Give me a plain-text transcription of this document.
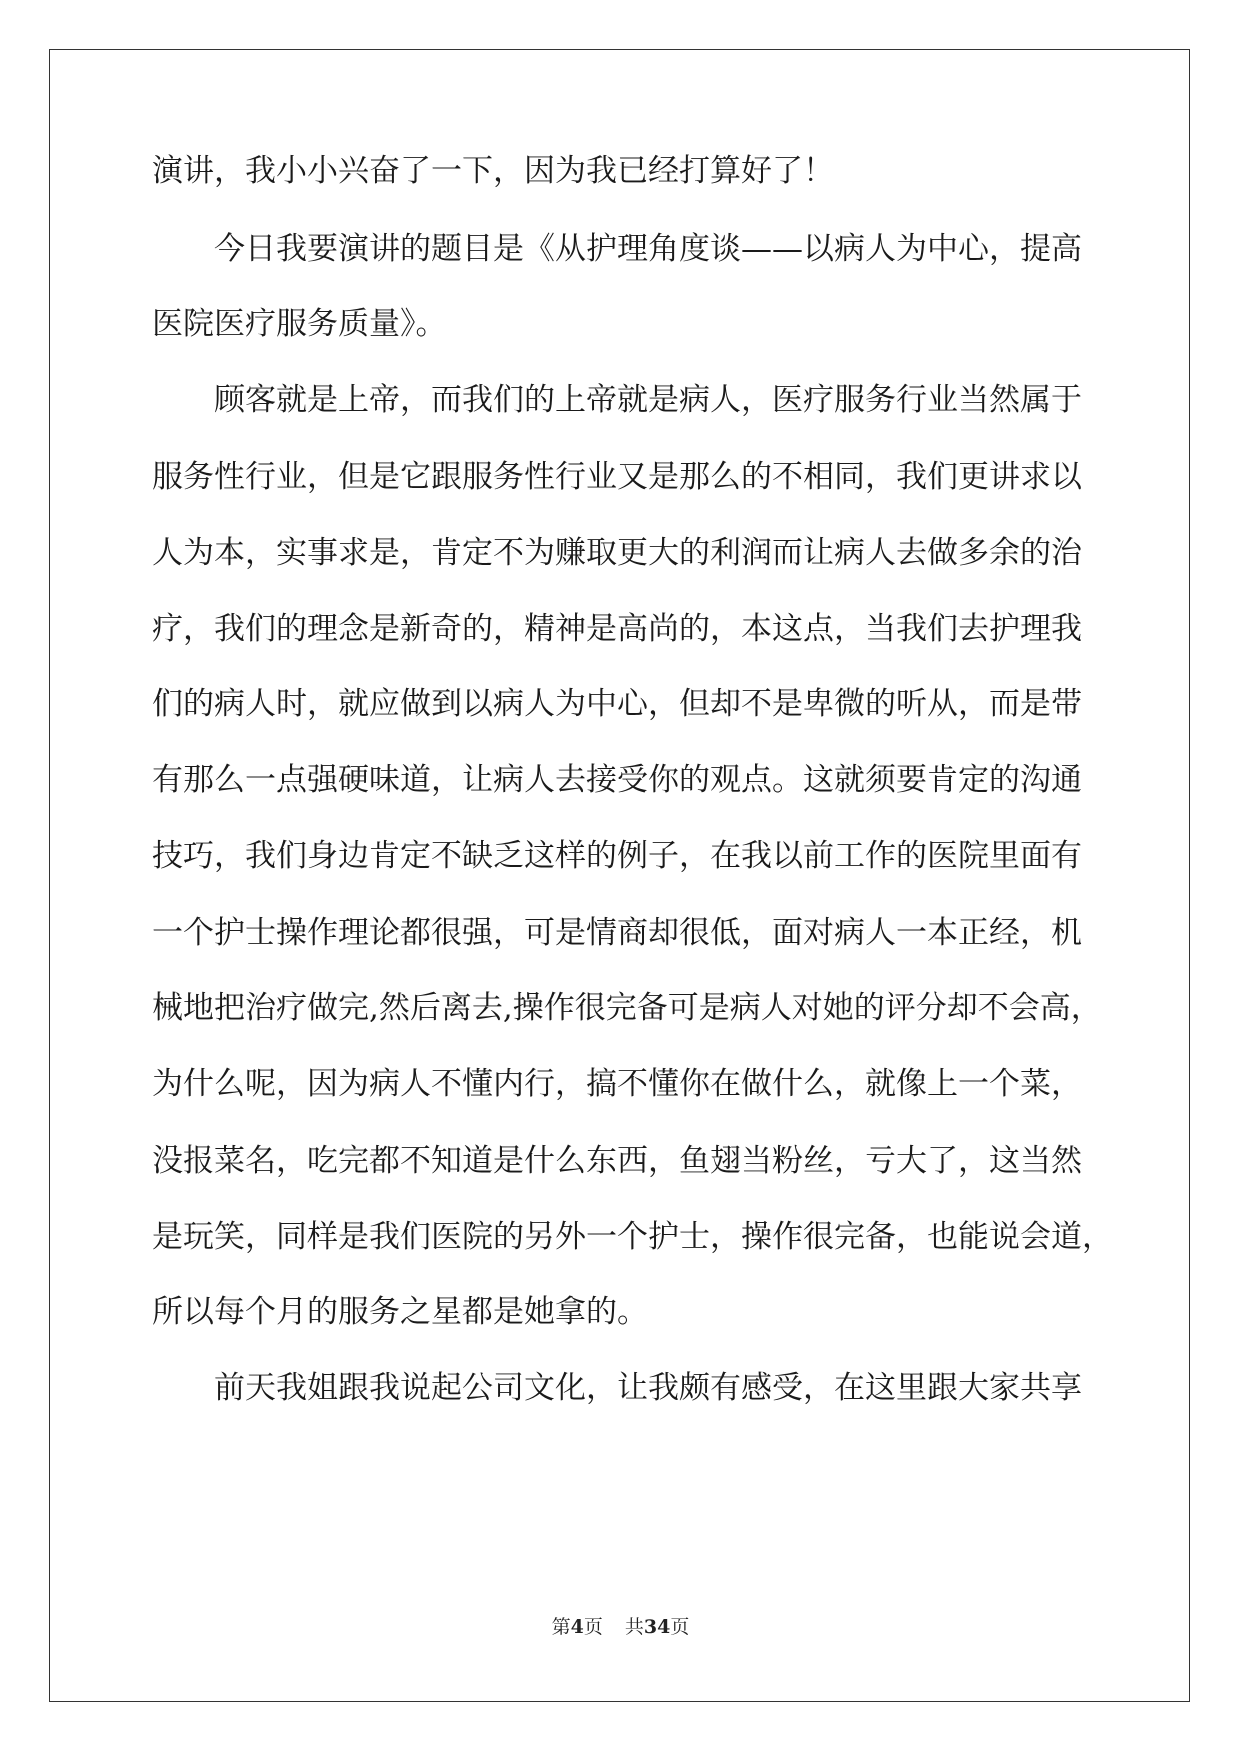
演讲，我小小兴奋了一下，因为我已经打算好了！
今日我要演讲的题目是《从护理角度谈——以病人为中心，提高
医院医疗服务质量》。
顾客就是上帝，而我们的上帝就是病人，医疗服务行业当然属于
服务性行业，但是它跟服务性行业又是那么的不相同，我们更讲求以
人为本，实事求是，肯定不为赚取更大的利润而让病人去做多余的治
疗，我们的理念是新奇的，精神是高尚的，本这点，当我们去护理我
们的病人时，就应做到以病人为中心，但却不是卑微的听从，而是带
有那么一点强硬味道，让病人去接受你的观点。这就须要肯定的沟通
技巧，我们身边肯定不缺乏这样的例子，在我以前工作的医院里面有
一个护士操作理论都很强，可是情商却很低，面对病人一本正经，机
械地把治疗做完,然后离去,操作很完备可是病人对她的评分却不会高，
为什么呢，因为病人不懂内行，搞不懂你在做什么，就像上一个菜，
没报菜名，吃完都不知道是什么东西，鱼翅当粉丝，亏大了，这当然
是玩笑，同样是我们医院的另外一个护士，操作很完备，也能说会道，
所以每个月的服务之星都是她拿的。
前天我姐跟我说起公司文化，让我颇有感受，在这里跟大家共享
第4页 共34页
